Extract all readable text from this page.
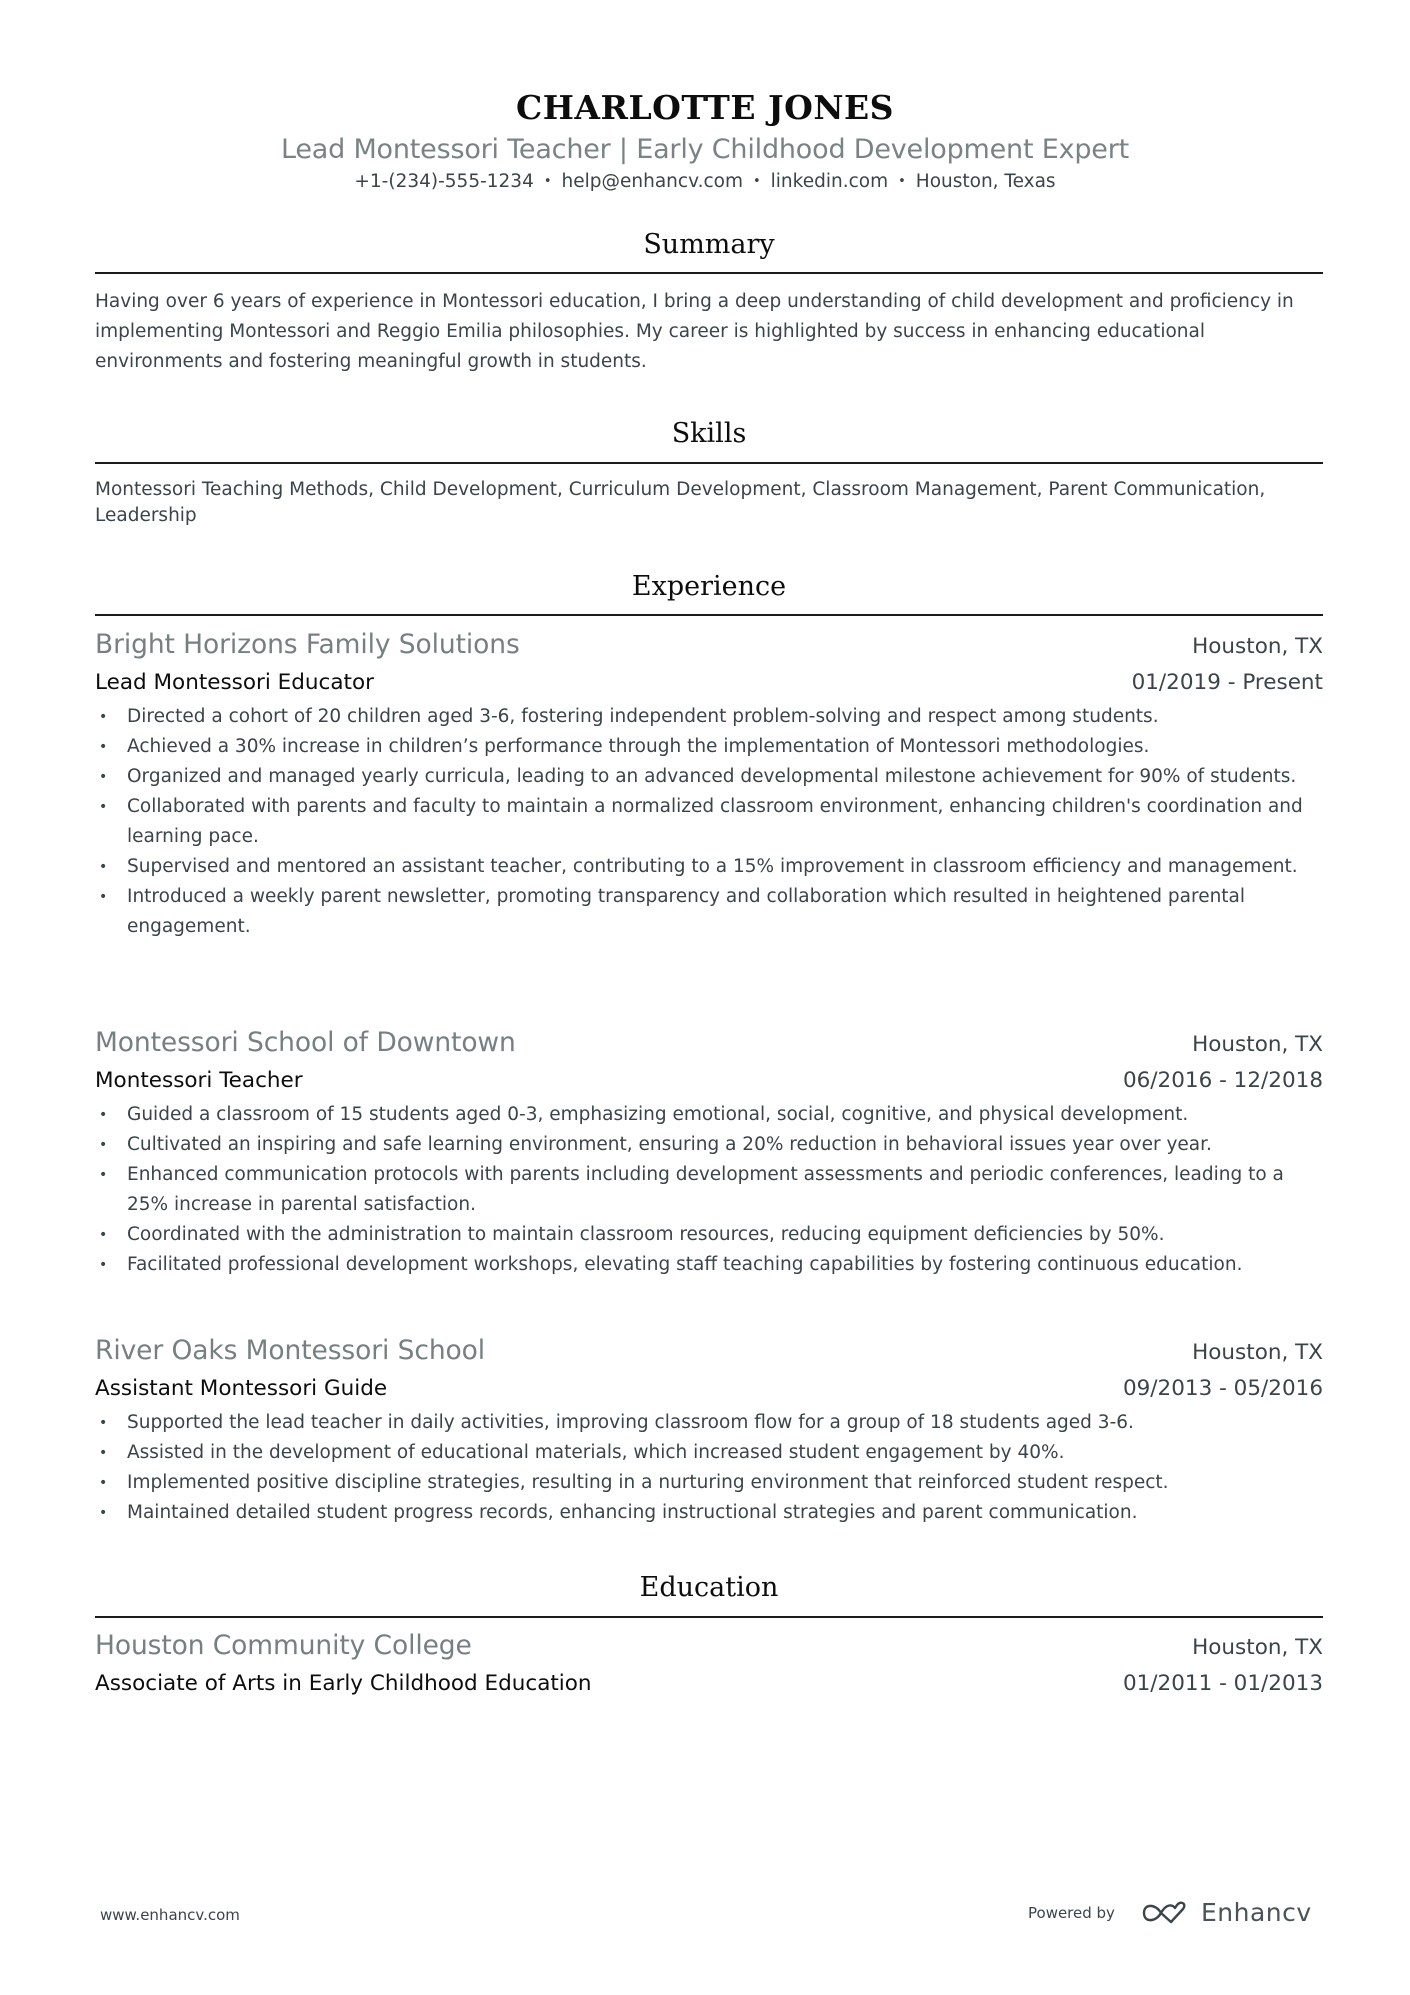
CHARLOTTE JONES
Lead Montessori Teacher | Early Childhood Development Expert
+1-(234)-555-1234 • help@enhancv.com • linkedin.com • Houston, Texas
Summary
Having over 6 years of experience in Montessori education, I bring a deep understanding of child development and proficiency in implementing Montessori and Reggio Emilia philosophies. My career is highlighted by success in enhancing educational environments and fostering meaningful growth in students.
Skills
Montessori Teaching Methods, Child Development, Curriculum Development, Classroom Management, Parent Communication, Leadership
Experience
Bright Horizons Family Solutions	Houston, TX
Lead Montessori Educator	01/2019 - Present
• Directed a cohort of 20 children aged 3-6, fostering independent problem-solving and respect among students.
• Achieved a 30% increase in children’s performance through the implementation of Montessori methodologies.
• Organized and managed yearly curricula, leading to an advanced developmental milestone achievement for 90% of students.
• Collaborated with parents and faculty to maintain a normalized classroom environment, enhancing children's coordination and learning pace.
• Supervised and mentored an assistant teacher, contributing to a 15% improvement in classroom efficiency and management.
• Introduced a weekly parent newsletter, promoting transparency and collaboration which resulted in heightened parental engagement.
Montessori School of Downtown	Houston, TX
Montessori Teacher	06/2016 - 12/2018
• Guided a classroom of 15 students aged 0-3, emphasizing emotional, social, cognitive, and physical development.
• Cultivated an inspiring and safe learning environment, ensuring a 20% reduction in behavioral issues year over year.
• Enhanced communication protocols with parents including development assessments and periodic conferences, leading to a 25% increase in parental satisfaction.
• Coordinated with the administration to maintain classroom resources, reducing equipment deficiencies by 50%.
• Facilitated professional development workshops, elevating staff teaching capabilities by fostering continuous education.
River Oaks Montessori School	Houston, TX
Assistant Montessori Guide	09/2013 - 05/2016
• Supported the lead teacher in daily activities, improving classroom flow for a group of 18 students aged 3-6.
• Assisted in the development of educational materials, which increased student engagement by 40%.
• Implemented positive discipline strategies, resulting in a nurturing environment that reinforced student respect.
• Maintained detailed student progress records, enhancing instructional strategies and parent communication.
Education
Houston Community College	Houston, TX
Associate of Arts in Early Childhood Education	01/2011 - 01/2013
www.enhancv.com	Powered by	Enhancv
